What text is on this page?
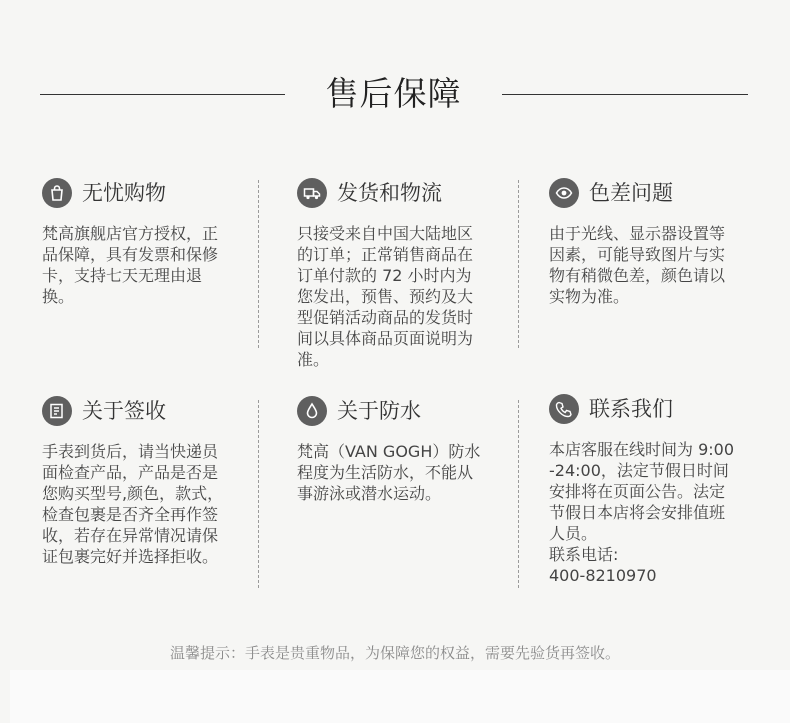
售后保障
无忧购物

梵高旗舰店官方授权，正品保障，具有发票和保修卡，支持七天无理由退换。

发货和物流

只接受来自中国大陆地区的订单；正常销售商品在订单付款的 72 小时内为您发出，预售、预约及大型促销活动商品的发货时间以具体商品页面说明为准。

色差问题

由于光线、显示器设置等因素，可能导致图片与实物有稍微色差，颜色请以实物为准。

关于签收

手表到货后，请当快递员面检查产品，产品是否是您购买型号,颜色，款式，检查包裹是否齐全再作签收，若存在异常情况请保证包裹完好并选择拒收。

关于防水

梵高（VAN GOGH）防水程度为生活防水，不能从事游泳或潜水运动。

联系我们

本店客服在线时间为 9:00-24:00，法定节假日时间安排将在页面公告。法定节假日本店将会安排值班人员。

联系电话:

400-8210970

温馨提示：手表是贵重物品，为保障您的权益，需要先验货再签收。
